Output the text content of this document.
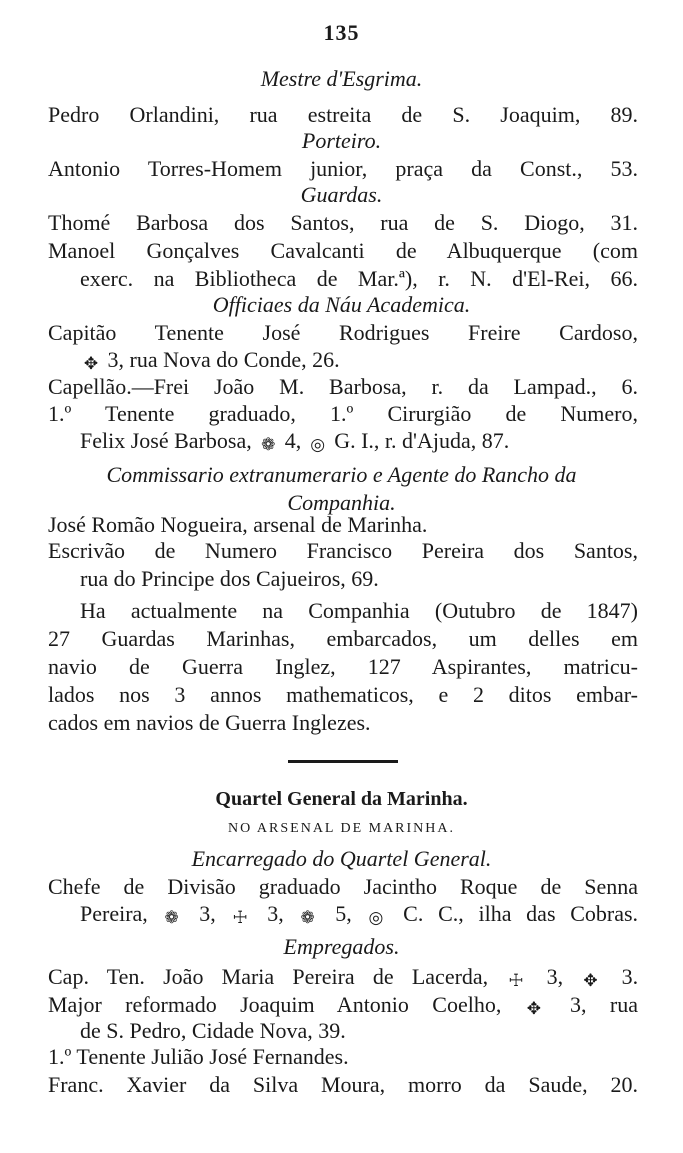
135
Mestre d'Esgrima.
Pedro Orlandini, rua estreita de S. Joaquim, 89.
Porteiro.
Antonio Torres-Homem junior, praça da Const., 53.
Guardas.
Thomé Barbosa dos Santos, rua de S. Diogo, 31.
Manoel Gonçalves Cavalcanti de Albuquerque (com
exerc. na Bibliotheca de Mar.ª), r. N. d'El-Rei, 66.
Officiaes da Náu Academica.
Capitão Tenente José Rodrigues Freire Cardoso,
✥ 3, rua Nova do Conde, 26.
Capellão.—Frei João M. Barbosa, r. da Lampad., 6.
1.º Tenente graduado, 1.º Cirurgião de Numero,
Felix José Barbosa, ❁ 4, ◎ G. I., r. d'Ajuda, 87.
Commissario extranumerario e Agente do Rancho da
Companhia.
José Romão Nogueira, arsenal de Marinha.
Escrivão de Numero Francisco Pereira dos Santos,
rua do Principe dos Cajueiros, 69.
Ha actualmente na Companhia (Outubro de 1847)
27 Guardas Marinhas, embarcados, um delles em
navio de Guerra Inglez, 127 Aspirantes, matricu-
lados nos 3 annos mathematicos, e 2 ditos embar-
cados em navios de Guerra Inglezes.
Quartel General da Marinha.
NO ARSENAL DE MARINHA.
Encarregado do Quartel General.
Chefe de Divisão graduado Jacintho Roque de Senna
Pereira, ❁ 3, ☩ 3, ❁ 5, ◎ C. C., ilha das Cobras.
Empregados.
Cap. Ten. João Maria Pereira de Lacerda, ☩ 3, ✥ 3.
Major reformado Joaquim Antonio Coelho, ✥ 3, rua
de S. Pedro, Cidade Nova, 39.
1.º Tenente Julião José Fernandes.
Franc. Xavier da Silva Moura, morro da Saude, 20.
